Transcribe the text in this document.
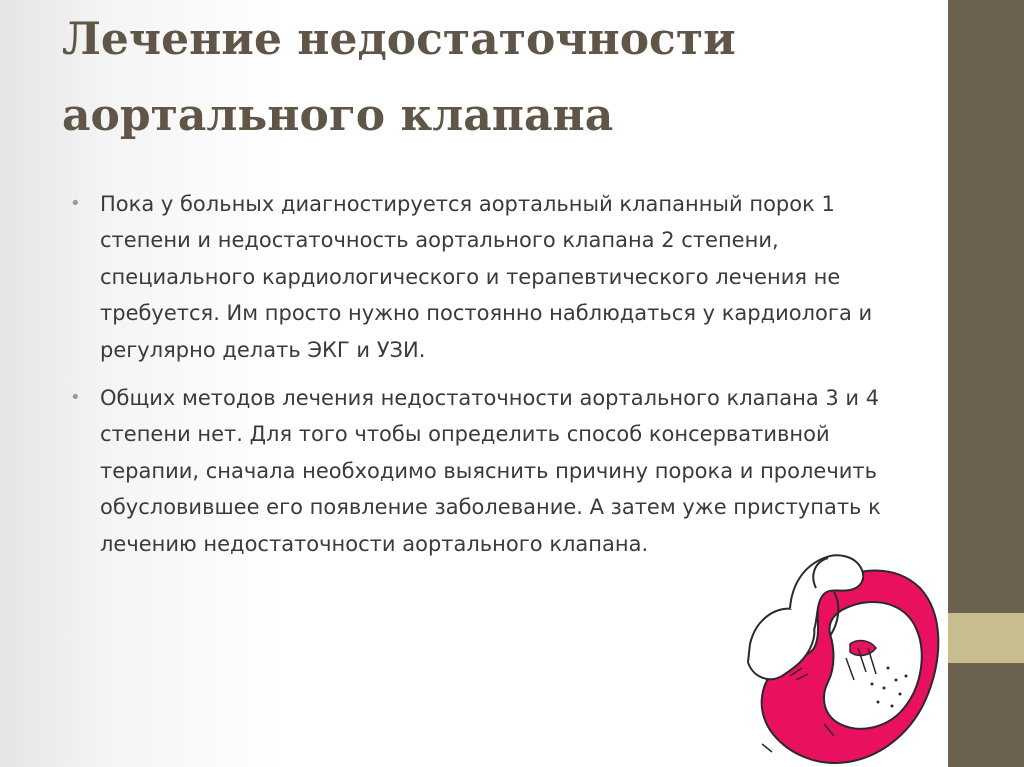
Лечение недостаточности
аортального клапана
• Пока у больных диагностируется аортальный клапанный порок 1 степени и недостаточность аортального клапана 2 степени, специального кардиологического и терапевтического лечения не требуется. Им просто нужно постоянно наблюдаться у кардиолога и регулярно делать ЭКГ и УЗИ.
• Общих методов лечения недостаточности аортального клапана 3 и 4 степени нет. Для того чтобы определить способ консервативной терапии, сначала необходимо выяснить причину порока и пролечить обусловившее его появление заболевание. А затем уже приступать к лечению недостаточности аортального клапана.
